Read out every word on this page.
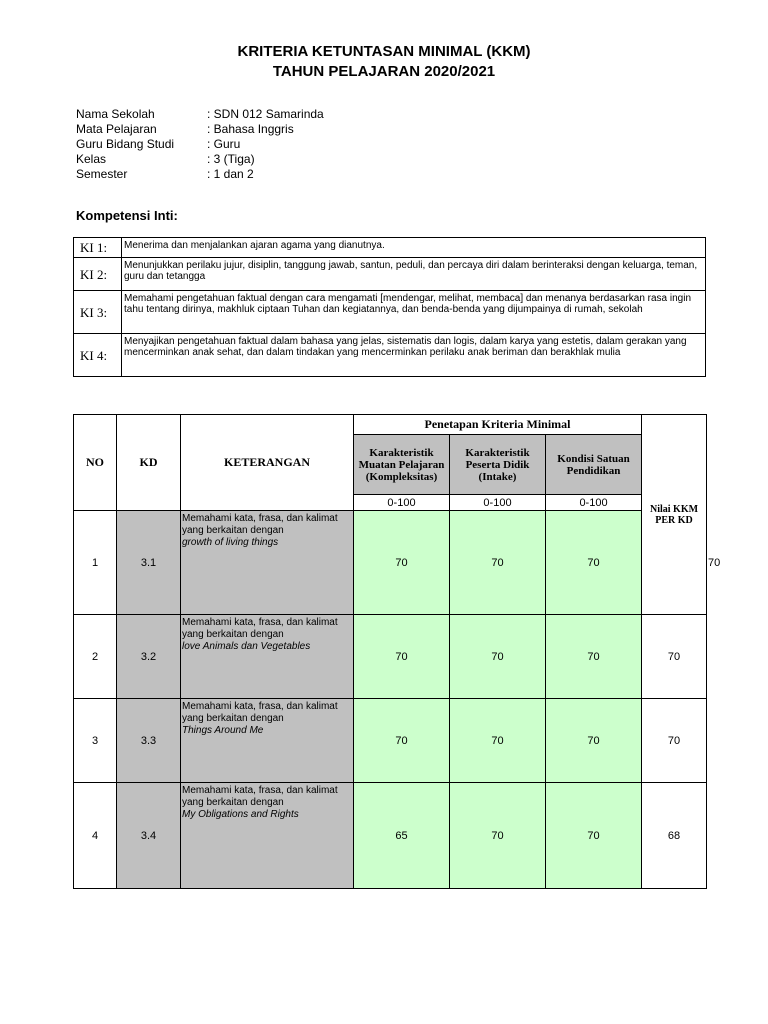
KRITERIA KETUNTASAN MINIMAL (KKM)
TAHUN PELAJARAN 2020/2021
Nama Sekolah	: SDN 012 Samarinda
Mata Pelajaran	: Bahasa Inggris
Guru Bidang Studi	: Guru
Kelas	: 3 (Tiga)
Semester	: 1 dan 2
Kompetensi Inti:
KI 1:	Menerima dan menjalankan ajaran agama yang dianutnya.
KI 2:	Menunjukkan perilaku jujur, disiplin, tanggung jawab, santun, peduli, dan percaya diri dalam berinteraksi dengan keluarga, teman, guru dan tetangga
KI 3:	Memahami pengetahuan faktual dengan cara mengamati [mendengar, melihat, membaca] dan menanya berdasarkan rasa ingin tahu tentang dirinya, makhluk ciptaan Tuhan dan kegiatannya, dan benda-benda yang dijumpainya di rumah, sekolah
KI 4:	Menyajikan pengetahuan faktual dalam bahasa yang jelas, sistematis dan logis, dalam karya yang estetis, dalam gerakan yang mencerminkan anak sehat, dan dalam tindakan yang mencerminkan perilaku anak beriman dan berakhlak mulia
NO	KD	KETERANGAN	Penetapan Kriteria Minimal			Nilai KKM PER KD	
			Karakteristik Muatan Pelajaran (Kompleksitas)	Karakteristik Peserta Didik (Intake)	Kondisi Satuan Pendidikan		
			0-100	0-100	0-100		
1	3.1	Memahami kata, frasa, dan kalimat yang berkaitan dengan
growth of living things	70	70	70		70
2	3.2	Memahami kata, frasa, dan kalimat yang berkaitan dengan
love Animals dan Vegetables	70	70	70	70	
3	3.3	Memahami kata, frasa, dan kalimat yang berkaitan dengan
Things Around Me	70	70	70	70	
4	3.4	Memahami kata, frasa, dan kalimat yang berkaitan dengan
My Obligations and Rights	65	70	70	68	
